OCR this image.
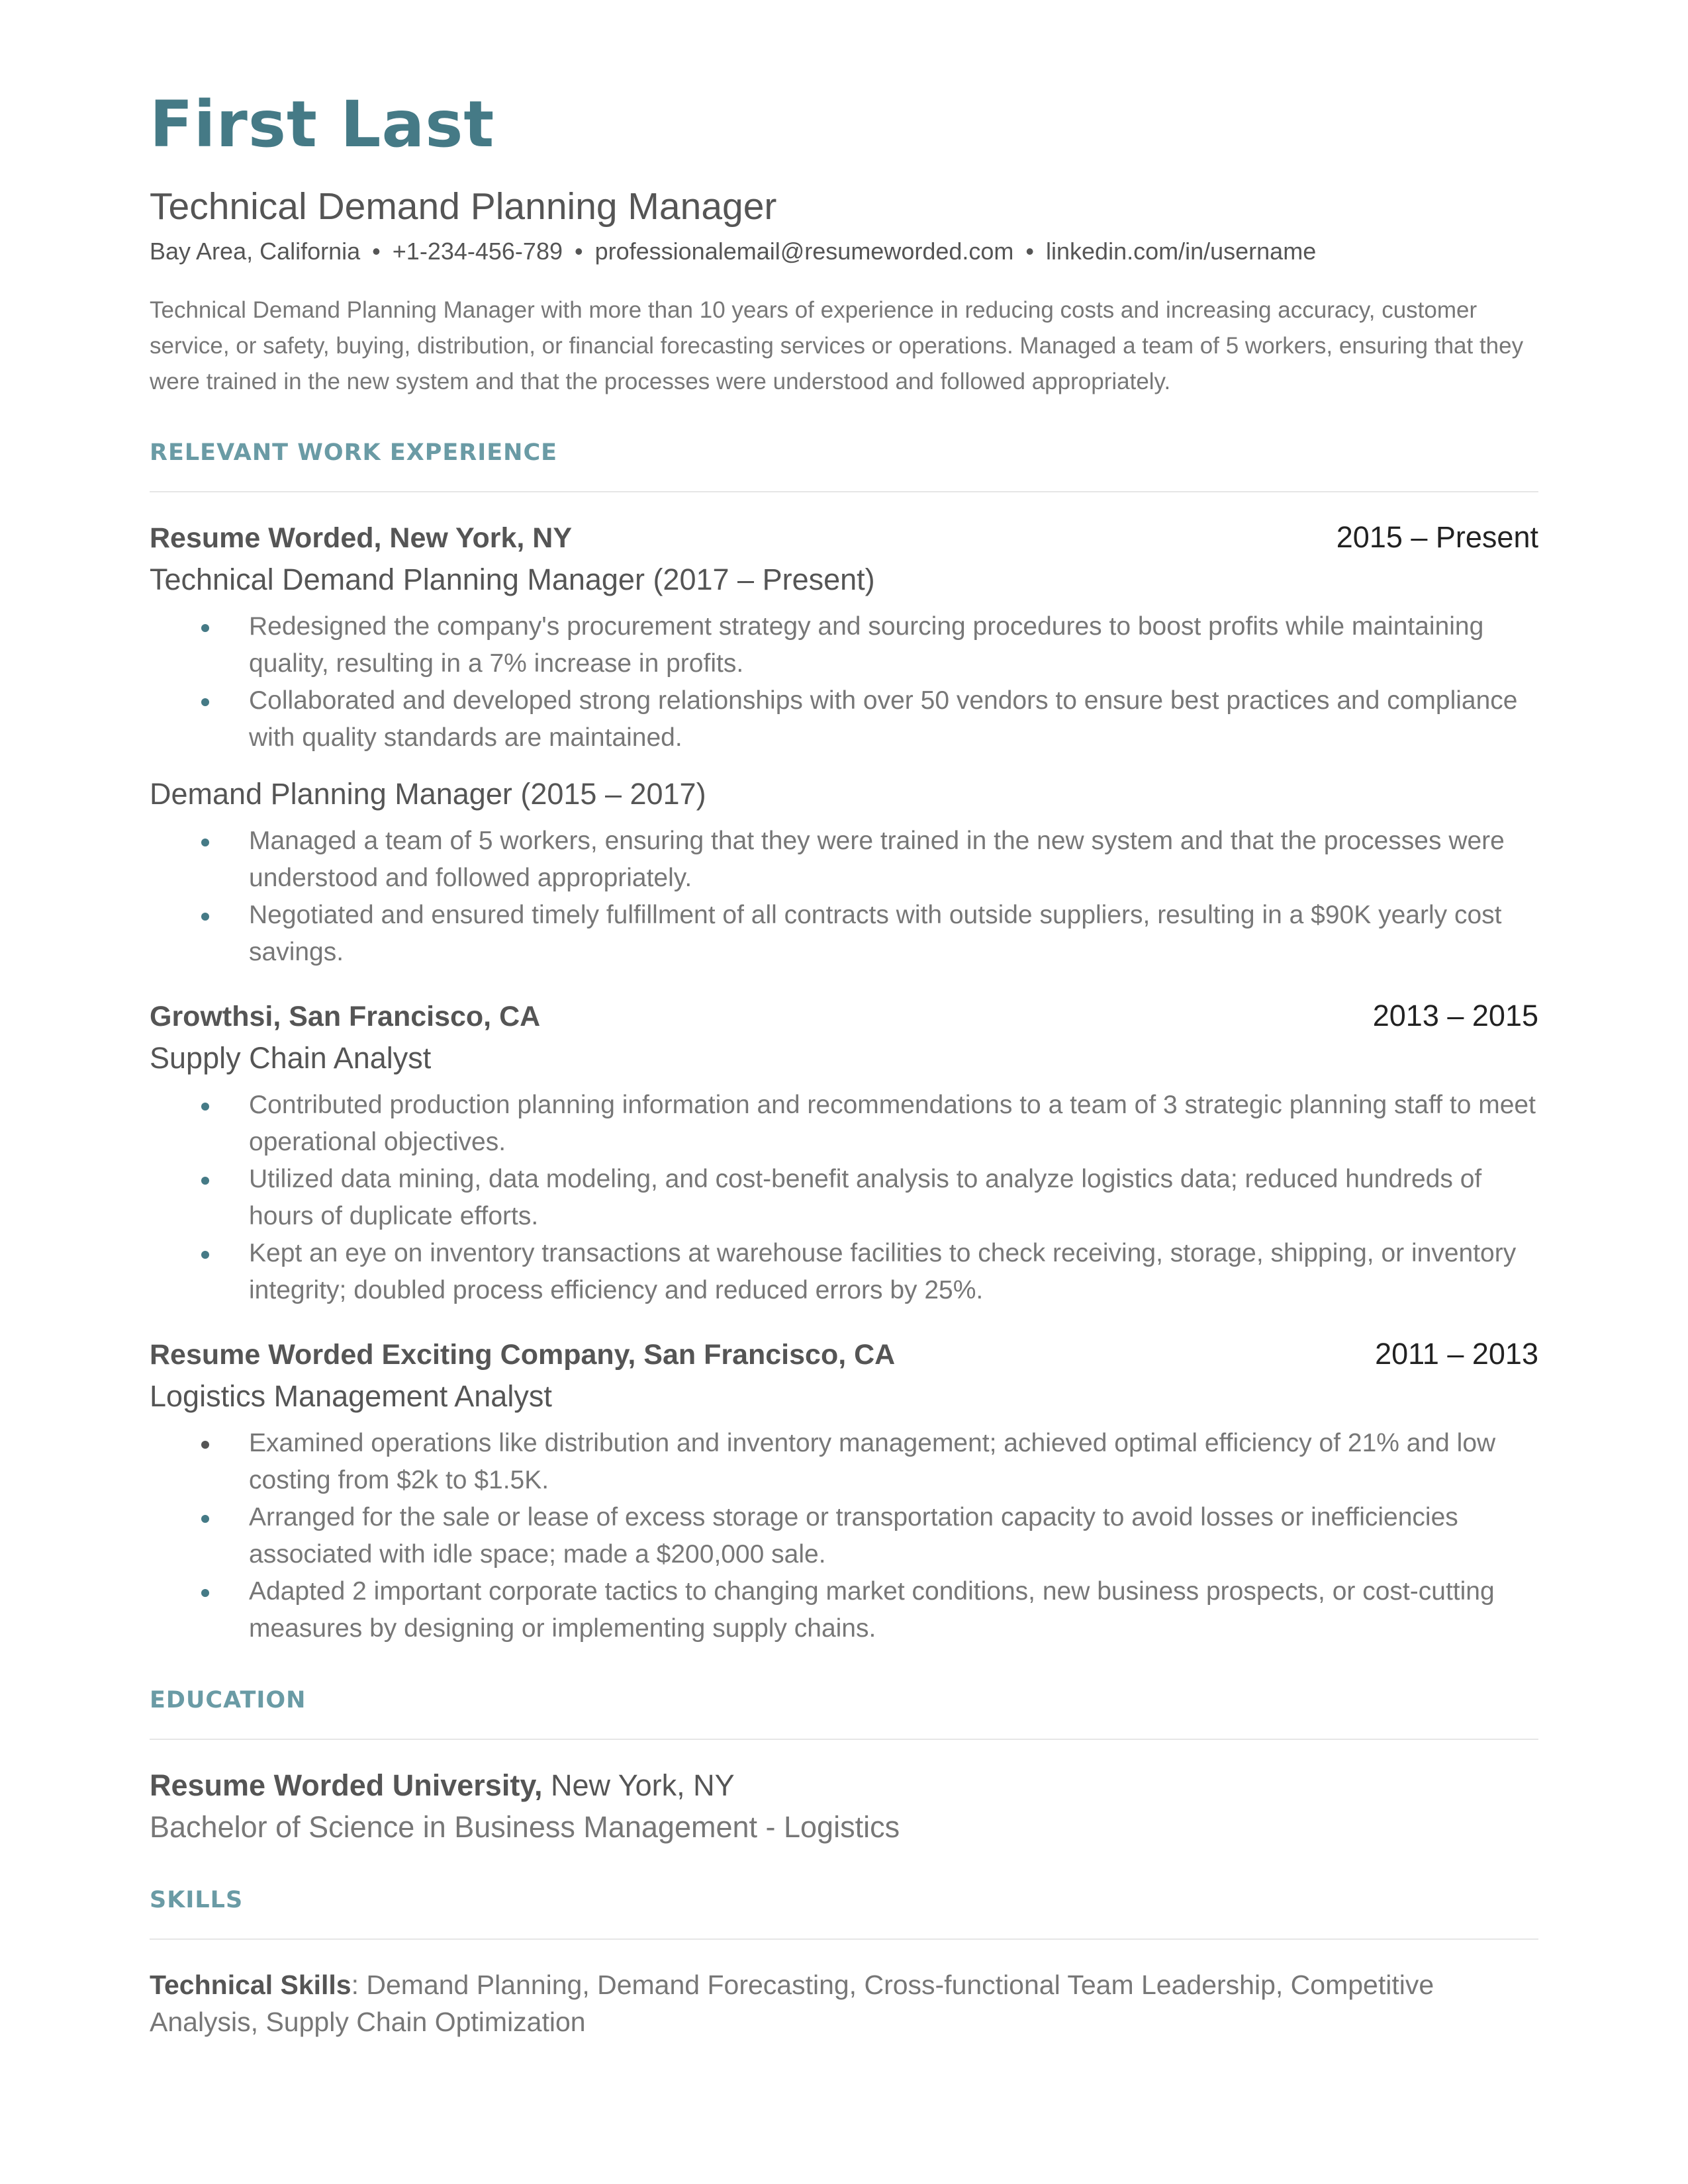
First Last
Technical Demand Planning Manager
Bay Area, California • +1-234-456-789 • professionalemail@resumeworded.com • linkedin.com/in/username
Technical Demand Planning Manager with more than 10 years of experience in reducing costs and increasing accuracy, customer service, or safety, buying, distribution, or financial forecasting services or operations. Managed a team of 5 workers, ensuring that they were trained in the new system and that the processes were understood and followed appropriately.
RELEVANT WORK EXPERIENCE
Resume Worded, New York, NY	2015 – Present
Technical Demand Planning Manager (2017 – Present)
Redesigned the company's procurement strategy and sourcing procedures to boost profits while maintaining quality, resulting in a 7% increase in profits.
Collaborated and developed strong relationships with over 50 vendors to ensure best practices and compliance with quality standards are maintained.
Demand Planning Manager (2015 – 2017)
Managed a team of 5 workers, ensuring that they were trained in the new system and that the processes were understood and followed appropriately.
Negotiated and ensured timely fulfillment of all contracts with outside suppliers, resulting in a $90K yearly cost savings.
Growthsi, San Francisco, CA	2013 – 2015
Supply Chain Analyst
Contributed production planning information and recommendations to a team of 3 strategic planning staff to meet operational objectives.
Utilized data mining, data modeling, and cost-benefit analysis to analyze logistics data; reduced hundreds of hours of duplicate efforts.
Kept an eye on inventory transactions at warehouse facilities to check receiving, storage, shipping, or inventory integrity; doubled process efficiency and reduced errors by 25%.
Resume Worded Exciting Company, San Francisco, CA	2011 – 2013
Logistics Management Analyst
Examined operations like distribution and inventory management; achieved optimal efficiency of 21% and low costing from $2k to $1.5K.
Arranged for the sale or lease of excess storage or transportation capacity to avoid losses or inefficiencies associated with idle space; made a $200,000 sale.
Adapted 2 important corporate tactics to changing market conditions, new business prospects, or cost-cutting measures by designing or implementing supply chains.
EDUCATION
Resume Worded University, New York, NY
Bachelor of Science in Business Management - Logistics
SKILLS
Technical Skills: Demand Planning, Demand Forecasting, Cross-functional Team Leadership, Competitive Analysis, Supply Chain Optimization
